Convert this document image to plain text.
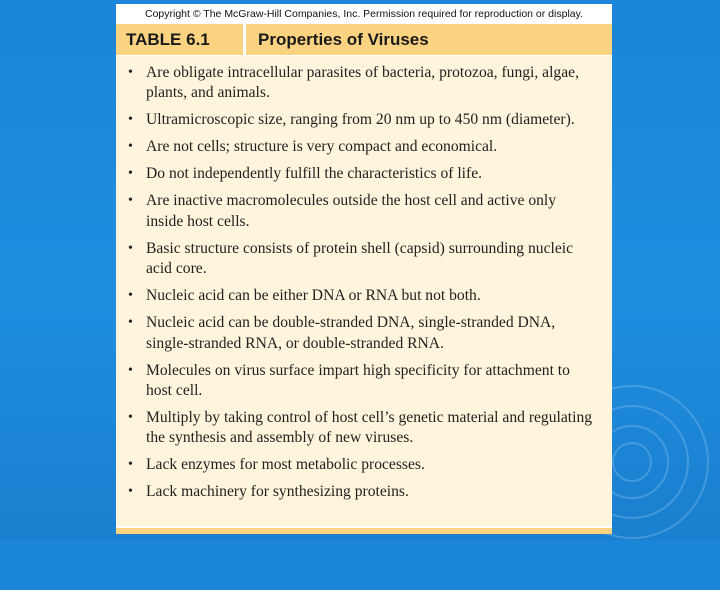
Copyright © The McGraw-Hill Companies, Inc. Permission required for reproduction or display.
TABLE 6.1	Properties of Viruses
• Are obligate intracellular parasites of bacteria, protozoa, fungi, algae, plants, and animals.
• Ultramicroscopic size, ranging from 20 nm up to 450 nm (diameter).
• Are not cells; structure is very compact and economical.
• Do not independently fulfill the characteristics of life.
• Are inactive macromolecules outside the host cell and active only inside host cells.
• Basic structure consists of protein shell (capsid) surrounding nucleic acid core.
• Nucleic acid can be either DNA or RNA but not both.
• Nucleic acid can be double-stranded DNA, single-stranded DNA, single-stranded RNA, or double-stranded RNA.
• Molecules on virus surface impart high specificity for attachment to host cell.
• Multiply by taking control of host cell’s genetic material and regulating the synthesis and assembly of new viruses.
• Lack enzymes for most metabolic processes.
• Lack machinery for synthesizing proteins.
